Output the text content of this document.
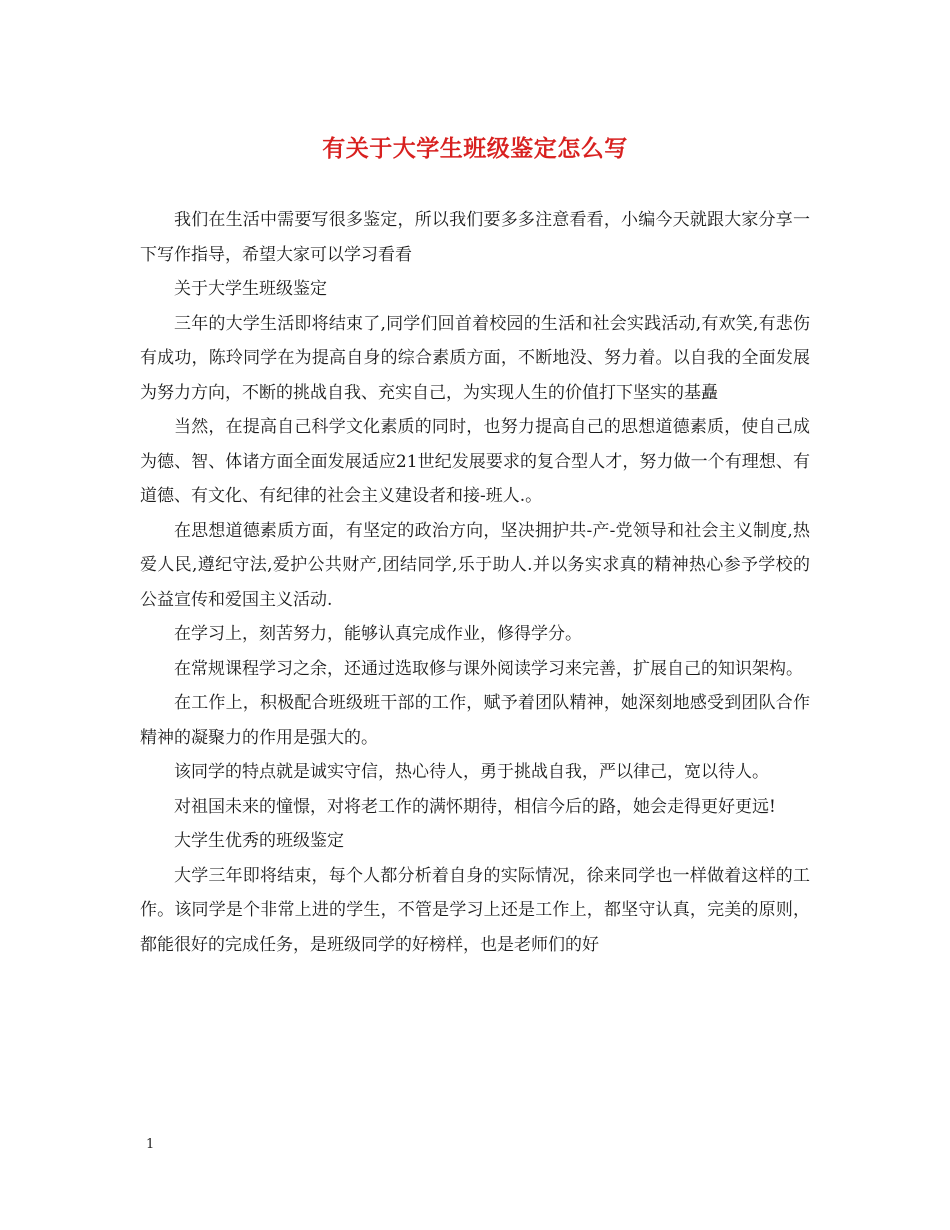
有关于大学生班级鉴定怎么写

我们在生活中需要写很多鉴定，所以我们要多多注意看看，小编今天就跟大家分享一下写作指导，希望大家可以学习看看

关于大学生班级鉴定

三年的大学生活即将结束了,同学们回首着校园的生活和社会实践活动,有欢笑,有悲伤有成功，陈玲同学在为提高自身的综合素质方面，不断地没、努力着。以自我的全面发展为努力方向，不断的挑战自我、充实自己，为实现人生的价值打下坚实的基矗

当然，在提高自己科学文化素质的同时，也努力提高自己的思想道德素质，使自己成为德、智、体诸方面全面发展适应21世纪发展要求的复合型人才，努力做一个有理想、有道德、有文化、有纪律的社会主义建设者和接-班人.。

在思想道德素质方面，有坚定的政治方向，坚决拥护共-产-党领导和社会主义制度,热爱人民,遵纪守法,爱护公共财产,团结同学,乐于助人.并以务实求真的精神热心参予学校的公益宣传和爱国主义活动.

在学习上，刻苦努力，能够认真完成作业，修得学分。

在常规课程学习之余，还通过选取修与课外阅读学习来完善，扩展自己的知识架构。

在工作上，积极配合班级班干部的工作，赋予着团队精神，她深刻地感受到团队合作精神的凝聚力的作用是强大的。

该同学的特点就是诚实守信，热心待人，勇于挑战自我，严以律己，宽以待人。

对祖国未来的憧憬，对将老工作的满怀期待，相信今后的路，她会走得更好更远!

大学生优秀的班级鉴定

大学三年即将结束，每个人都分析着自身的实际情况，徐来同学也一样做着这样的工作。该同学是个非常上进的学生，不管是学习上还是工作上，都坚守认真，完美的原则，都能很好的完成任务，是班级同学的好榜样，也是老师们的好

1
